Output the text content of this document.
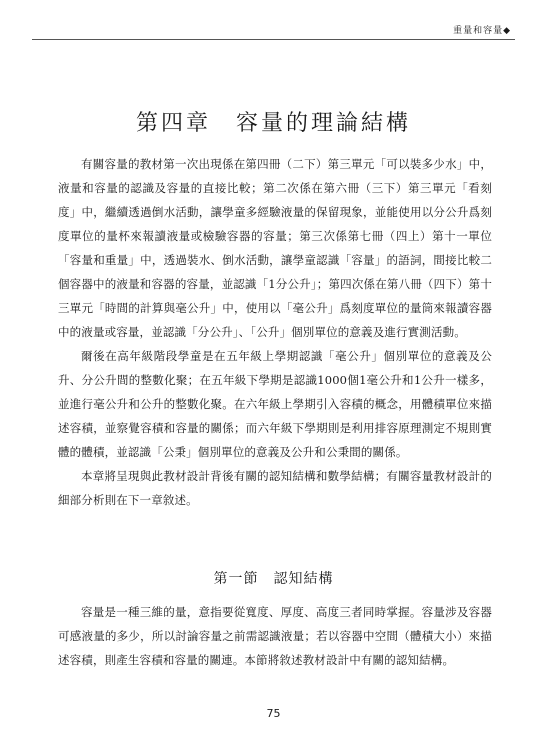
重量和容量◆
第四章　容量的理論結構

有關容量的教材第一次出現係在第四冊（二下）第三單元「可以裝多少水」中，液量和容量的認識及容量的直接比較；第二次係在第六冊（三下）第三單元「看刻度」中，繼續透過倒水活動，讓學童多經驗液量的保留現象，並能使用以分公升爲刻度單位的量杯來報讀液量或檢驗容器的容量；第三次係第七冊（四上）第十一單位「容量和重量」中，透過裝水、倒水活動，讓學童認識「容量」的語詞，間接比較二個容器中的液量和容器的容量，並認識「1分公升」；第四次係在第八冊（四下）第十三單元「時間的計算與毫公升」中，使用以「毫公升」爲刻度單位的量筒來報讀容器中的液量或容量，並認識「分公升」、「公升」個別單位的意義及進行實測活動。

爾後在高年級階段學童是在五年級上學期認識「毫公升」個別單位的意義及公升、分公升間的整數化聚；在五年級下學期是認識1000個1毫公升和1公升一樣多，並進行毫公升和公升的整數化聚。在六年級上學期引入容積的概念，用體積單位來描述容積，並察覺容積和容量的關係；而六年級下學期則是利用排容原理測定不規則實體的體積，並認識「公秉」個別單位的意義及公升和公秉間的關係。

本章將呈現與此教材設計背後有關的認知結構和數學結構；有關容量教材設計的細部分析則在下一章敘述。

第一節　認知結構

容量是一種三維的量，意指要從寬度、厚度、高度三者同時掌握。容量涉及容器可感液量的多少，所以討論容量之前需認識液量；若以容器中空間（體積大小）來描述容積，則產生容積和容量的關連。本節將敘述教材設計中有關的認知結構。

75
